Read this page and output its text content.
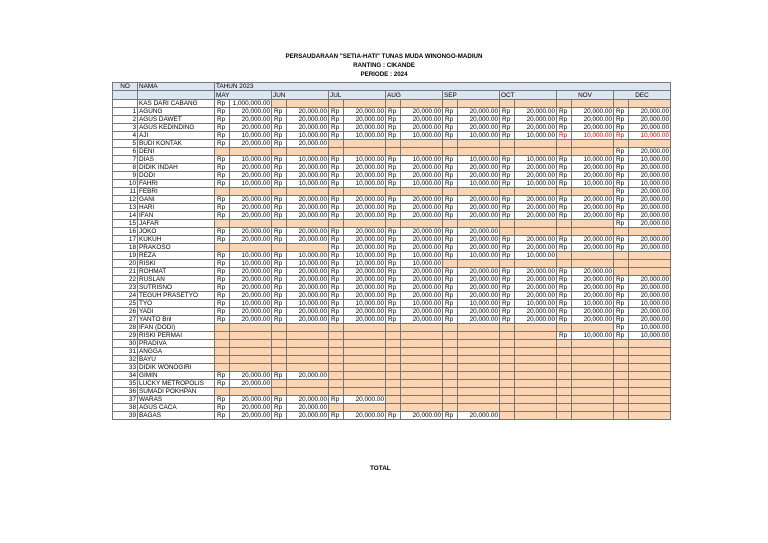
PERSAUDARAAN "SETIA-HATI" TUNAS MUDA WINONGO-MADIUN
RANTING : CIKANDE
PERIODE : 2024
NO	NAMA	TAHUN 2023															
		MAY		JUN		JUL		AUG		SEP		OCT		NOV		DEC	
	KAS DARI CABANG	Rp	1,000,000.00														
1	AGUNG	Rp	20,000.00	Rp	20,000.00	Rp	20,000.00	Rp	20,000.00	Rp	20,000.00	Rp	20,000.00	Rp	20,000.00	Rp	20,000.00
2	AGUS DAWET	Rp	20,000.00	Rp	20,000.00	Rp	20,000.00	Rp	20,000.00	Rp	20,000.00	Rp	20,000.00	Rp	20,000.00	Rp	20,000.00
3	AGUS KEDINDING	Rp	20,000.00	Rp	20,000.00	Rp	20,000.00	Rp	20,000.00	Rp	20,000.00	Rp	20,000.00	Rp	20,000.00	Rp	20,000.00
4	AJI	Rp	10,000.00	Rp	10,000.00	Rp	10,000.00	Rp	10,000.00	Rp	10,000.00	Rp	10,000.00	Rp	10,000.00	Rp	10,000.00
5	BUDI KONTAK	Rp	20,000.00	Rp	20,000.00												
6	DENI															Rp	20,000.00
7	DIAS	Rp	10,000.00	Rp	10,000.00	Rp	10,000.00	Rp	10,000.00	Rp	10,000.00	Rp	10,000.00	Rp	10,000.00	Rp	10,000.00
8	DIDIK INDAH	Rp	20,000.00	Rp	20,000.00	Rp	20,000.00	Rp	20,000.00	Rp	20,000.00	Rp	20,000.00	Rp	20,000.00	Rp	20,000.00
9	DODI	Rp	20,000.00	Rp	20,000.00	Rp	20,000.00	Rp	20,000.00	Rp	20,000.00	Rp	20,000.00	Rp	20,000.00	Rp	20,000.00
10	FAHRI	Rp	10,000.00	Rp	10,000.00	Rp	10,000.00	Rp	10,000.00	Rp	10,000.00	Rp	10,000.00	Rp	10,000.00	Rp	10,000.00
11	FEBRI															Rp	20,000.00
12	GANI	Rp	20,000.00	Rp	20,000.00	Rp	20,000.00	Rp	20,000.00	Rp	20,000.00	Rp	20,000.00	Rp	20,000.00	Rp	20,000.00
13	HARI	Rp	20,000.00	Rp	20,000.00	Rp	20,000.00	Rp	20,000.00	Rp	20,000.00	Rp	20,000.00	Rp	20,000.00	Rp	20,000.00
14	IFAN	Rp	20,000.00	Rp	20,000.00	Rp	20,000.00	Rp	20,000.00	Rp	20,000.00	Rp	20,000.00	Rp	20,000.00	Rp	20,000.00
15	JAFAR															Rp	20,000.00
16	JOKO	Rp	20,000.00	Rp	20,000.00	Rp	20,000.00	Rp	20,000.00	Rp	20,000.00						
17	KUKUH	Rp	20,000.00	Rp	20,000.00	Rp	20,000.00	Rp	20,000.00	Rp	20,000.00	Rp	20,000.00	Rp	20,000.00	Rp	20,000.00
18	PRAKOSO					Rp	20,000.00	Rp	20,000.00	Rp	20,000.00	Rp	20,000.00	Rp	20,000.00	Rp	20,000.00
19	REZA	Rp	10,000.00	Rp	10,000.00	Rp	10,000.00	Rp	10,000.00	Rp	10,000.00	Rp	10,000.00				
20	RISKI	Rp	10,000.00	Rp	10,000.00	Rp	10,000.00	Rp	10,000.00								
21	ROHMAT	Rp	20,000.00	Rp	20,000.00	Rp	20,000.00	Rp	20,000.00	Rp	20,000.00	Rp	20,000.00	Rp	20,000.00		
22	RUSLAN	Rp	20,000.00	Rp	20,000.00	Rp	20,000.00	Rp	20,000.00	Rp	20,000.00	Rp	20,000.00	Rp	20,000.00	Rp	20,000.00
23	SUTRISNO	Rp	20,000.00	Rp	20,000.00	Rp	20,000.00	Rp	20,000.00	Rp	20,000.00	Rp	20,000.00	Rp	20,000.00	Rp	20,000.00
24	TEGUH PRASETYO	Rp	20,000.00	Rp	20,000.00	Rp	20,000.00	Rp	20,000.00	Rp	20,000.00	Rp	20,000.00	Rp	20,000.00	Rp	20,000.00
25	TYO	Rp	10,000.00	Rp	10,000.00	Rp	10,000.00	Rp	10,000.00	Rp	10,000.00	Rp	10,000.00	Rp	10,000.00	Rp	10,000.00
26	YADI	Rp	20,000.00	Rp	20,000.00	Rp	20,000.00	Rp	20,000.00	Rp	20,000.00	Rp	20,000.00	Rp	20,000.00	Rp	20,000.00
27	YANTO Bnl	Rp	20,000.00	Rp	20,000.00	Rp	20,000.00	Rp	20,000.00	Rp	20,000.00	Rp	20,000.00	Rp	20,000.00	Rp	20,000.00
28	IFAN (DODI)															Rp	10,000.00
29	RISKI PERMAI													Rp	10,000.00	Rp	10,000.00
30	PRADIVA																
31	ANGGA																
32	BAYU																
33	DIDIK WONOGIRI																
34	GIMIN	Rp	20,000.00	Rp	20,000.00												
35	LUCKY METROPOLIS	Rp	20,000.00														
36	SUMADI POKHPAN																
37	WARAS	Rp	20,000.00	Rp	20,000.00	Rp	20,000.00										
38	AGUS CACA	Rp	20,000.00	Rp	20,000.00												
39	BAGAS	Rp	20,000.00	Rp	20,000.00	Rp	20,000.00	Rp	20,000.00	Rp	20,000.00						
TOTAL
